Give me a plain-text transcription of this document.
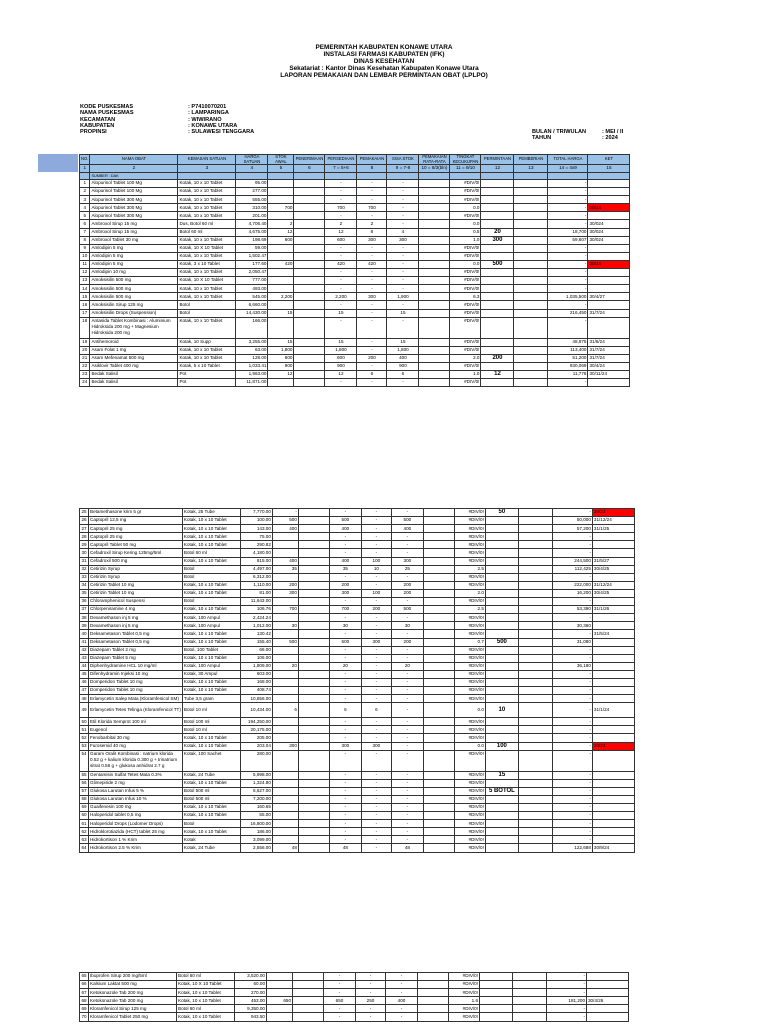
PEMERINTAH KABUPATEN KONAWE UTARA
INSTALASI FARMASI KABUPATEN (IFK)
DINAS KESEHATAN
Sekatariat : Kantor Dinas Kesehatan Kabupaten Konawe Utara
LAPORAN PEMAKAIAN DAN LEMBAR PERMINTAAN OBAT (LPLPO)
KODE PUSKESMAS	: P7410070201
NAMA PUSKESMAS	: LAMPARINGA
KECAMATAN	: WIWIRANO
KABUPATEN	: KONAWE UTARA
PROPINSI	: SULAWESI TENGGARA	BULAN / TRIWULAN	: MEI / II
TAHUN	: 2024
NO.	NAMA OBAT	KEMASAN SATUAN	HARGA SATUAN	STOK AWAL	PENERIMAAN	PERSEDIAAN	PEMAKAIAN	SISA STOK	PEMAKAIAN RATA-RATA	TINGKAT KECUKUPAN	PERMINTAAN	PEMBERIAN	TOTAL HARGA	KET
1	2	3	4	5	6	7 = 5+6	8	9 = 7-8	10 = 8/3(bln)	11 = 9/10	12	13	14 = 4x9	15
	SUMBER : DAK													
1	Alopurinol Tablet 100 Mg	Kotak, 10 x 10 Tablet	95.00			-	-	-		#DIV/0!			-	
2	Alopurinol Tablet 100 Mg	Kotak, 10 x 10 Tablet	277.00			-	-	-		#DIV/0!			-	
3	Alopurinol Tablet 300 Mg	Kotak, 10 x 10 Tablet	555.00			-	-	-		#DIV/0!			-	
4	Alopurinol Tablet 300 Mg	Kotak, 10 x 10 Tablet	310.00	700		700	700	-		0.0			-	30/24
5	Alopurinol Tablet 300 Mg	Kotak, 10 x 10 Tablet	201.00			-	-	-		#DIV/0!			-	
6	Ambroxol Sirup 15 mg	Dus, Botol 60 ml	4,706.40	2		2	2	-		0.0			-	30/024
7	Ambroxol Sirup 15 mg	Botol 60 ml	4,675.00	12		12	8	4		0.5	20		18,700	30/024
8	Ambroxol Tablet 30 mg	Kotak, 10 x 10 Tablet	198.69	600		600	300	300		1.0	300		59,607	30/024
9	Amlodipin 5 mg	Kotak, 10 X 10 Tablet	59.00			-	-	-		#DIV/0!			-	
10	Amlodipin 5 mg	Kotak, 10 x 10 Tablet	1,502.47			-	-	-		#DIV/0!			-	
11	Amlodipin 5 mg	Kotak, 3 x 10 Tablet	177.60	420		420	420	-		0.0	500		-	30/24
12	Amlodipin 10 mg	Kotak, 10 x 10 Tablet	2,050.47			-	-	-		#DIV/0!			-	
13	Amoksisilin 500 mg	Kotak, 10 X 10 Tablet	777.00			-	-	-		#DIV/0!			-	
14	Amoksisilin 500 mg	Kotak, 10 x 10 Tablet	493.00			-	-	-		#DIV/0!			-	
15	Amoksisilin 500 mg	Kotak, 10 x 10 Tablet	545.00	2,200		2,200	300	1,900		6.3			1,035,500	30/4/27
16	Amoksisilin Sirup 125 mg	Botol	6,660.00			-	-	-		#DIV/0!			-	
17	Amoksisilin Drops (Suspension)	Botol	14,430.00	15		15	-	15		#DIV/0!			216,450	31/7/24
18	Antasida Tablet Kombinasi : Aluminium Hidroksida 200 mg + Magnesium Hidroksida 200 mg	Kotak, 10 x 10 Tablet	166.00			-	-	-		#DIV/0!			-	
19	Antihemoroid	Kotak, 10 Supp	3,255.00	15		15	-	15		#DIV/0!			48,975	31/8/24
20	Asam Folat 1 mg	Kotak, 10 x 10 Tablet	63.00	1,800		1,800	-	1,800		#DIV/0!			113,400	31/7/24
21	Asam Mefenamat 500 mg	Kotak, 10 x 10 Tablet	128.00	600		600	200	400		2.0	200		51,200	31/7/24
22	Asiklovir Tablet 400 mg	Kotak, 5 x 10 Tablet	1,033.41	900		900	-	900		#DIV/0!			930,069	30/4/24
23	Bedak Salisil	Pot	1,963.00	12		12	6	6		1.0	12		11,778	30/11/24
24	Bedak Salisil	Pot	11,871.00			-	-	-		#DIV/0!			-	
25	Betamethasone krim 5 gr	Kotak, 25 Tube	7,770.00	-		-	-	-		#DIV/0!	50		-	30/24
26	Captopril 12,5 mg	Kotak, 10 x 10 Tablet	100.00	500		500	-	500		#DIV/0!			50,000	31/12/24
27	Captopril 25 mg	Kotak, 10 x 10 Tablet	143.00	400		400	-	400		#DIV/0!			57,200	31/1/25
28	Captopril 25 mg	Kotak, 10 x 10 Tablet	75.00			-	-	-		#DIV/0!			-	
29	Captopril Tablet 50 mg	Kotak, 10 x 10 Tablet	290.82			-	-	-		#DIV/0!			-	
30	Cefadroxil Sirup Kering 125mg/5ml	Botol 60 ml	4,180.00			-	-	-		#DIV/0!			-	
31	Cefadroxil 500 mg	Kotak, 10 x 10 Tablet	815.00	400		400	100	300		#DIV/0!			244,500	31/5/27
32	Cetirizin Syrup	Botol	4,497.00	35		35	10	25		2.5			112,425	30/4/25
33	Cetirizin Syrup	Botol	6,312.00			-	-	-		#DIV/0!			-	
34	Cetirizin Tablet 10 mg	Kotak, 10 x 10 Tablet	1,110.00	200		200	-	200		#DIV/0!			222,000	31/12/24
35	Cetirizin Tablet 10 mg	Kotak, 10 x 10 Tablet	81.00	300		300	100	200		2.0			16,200	30/4/25
36	Chloramphenicol Suspensi	Botol	11,643.00			-	-	-		#DIV/0!			-	
37	Chlorpeniramine 4 mg	Kotak, 10 x 10 Tablet	106.76	700		700	200	500		2.5			53,390	31/1/26
38	Dexamethason inj 5 mg	Kotak, 100 Ampul	2,424.24			-	-	-		#DIV/0!			-	
39	Dexamethason inj 5 mg	Kotak, 100 Ampul	1,012.00	30		30	-	30		#DIV/0!			30,360	
40	Deksametason Tablet 0,5 mg	Kotak, 10 x 10 Tablet	130.42			-	-	-		#DIV/0!			-	31/5/24
41	Deksametason Tablet 0,5 mg	Kotak, 10 x 10 Tablet	155.40	500		500	300	200		0.7	500		31,080	
42	Diazepam Tablet 2 mg	Botol, 100 Tablet	66.00			-	-	-		#DIV/0!			-	
43	Diazepam Tablet 5 mg	Kotak, 10 x 10 Tablet	106.00			-	-	-		#DIV/0!			-	
44	Diphenhydramine HCL 10 mg/ml	Kotak, 100 Ampul	1,809.00	20		20	-	20		#DIV/0!			36,180	
45	Difenhydramin Injeksi 10 mg	Kotak, 30 Ampul	603.00			-	-	-		#DIV/0!			-	
46	Domperidon Tablet 10 mg	Kotak, 10 x 10 Tablet	168.00			-	-	-		#DIV/0!			-	
47	Domperidon Tablet 10 mg	Kotak, 10 x 10 Tablet	408.74			-	-	-		#DIV/0!			-	
48	Erlamycetin Salep Mata (Kloramfenicol SM)	Tube 3,5 gram	10,656.00			-	-	-		#DIV/0!			-	
49	Erlamycetin Tetes Telinga (Kloramfenicol TT)	Botol 10 ml	10,434.00	6		6	6	-		0.0	10		-	31/1/24
50	Etil Klorida Semprot 100 ml	Botol 100 ml	194,250.00			-	-	-		#DIV/0!			-	
51	Eugenol	Botol 10 ml	20,175.00			-	-	-		#DIV/0!			-	
52	Fenobarbital 30 mg	Kotak, 10 x 10 Tablet	205.00			-	-	-		#DIV/0!			-	
53	Furosemid 40 mg	Kotak, 10 x 10 Tablet	203.04	300		300	300	-		0.0	100		-	30/24
54	Garam Oralit Kombinasi : natrium klorida 0.52 g + kalium klorida 0.300 g + trinatrium sitrat 0.58 g + glukosa anhidrat 2.7 g	Kotak, 100 Sachet	280.00			-	-	-		#DIV/0!			-	
55	Gentamisin Sulfat Tetes Mata 0.3%	Kotak, 24 Tube	5,998.00			-	-	-		#DIV/0!	15		-	
56	Glimepiride 2 mg	Kotak, 10 x 10 Tablet	1,324.80			-	-	-		#DIV/0!			-	
57	Glukosa Larutan Infus 5 %	Botol 500 ml	6,627.00			-	-	-		#DIV/0!	5 BOTOL		-	
58	Glukosa Larutan Infus 10 %	Botol 500 ml	7,200.00			-	-	-		#DIV/0!			-	
59	Guaifenesin 100 mg	Kotak, 10 x 10 Tablet	160.65			-	-	-		#DIV/0!			-	
60	Haloperidol tablet 0,5 mg	Kotak, 10 x 10 Tablet	55.00			-	-	-		#DIV/0!			-	
61	Haloperidol Drops (Lodomer Drops)	Botol	16,800.00			-	-	-		#DIV/0!			-	
62	Hidroklorotiazida (HCT) tablet 25 mg	Kotak, 10 x 10 Tablet	186.00			-	-	-		#DIV/0!			-	
63	Hidrokortison 1 % Krim	Kotak	3,099.00			-	-	-		#DIV/0!			-	
64	Hidrokortison 2.5 % Krim	Kotak, 24 Tube	2,556.00	48		48	-	48		#DIV/0!			122,688	30/9/24
65	Ibuprofen Sirup 200 mg/5ml	Botol 60 ml	3,520.00			-	-	-		#DIV/0!			-	
66	Kalsium Laktat 500 mg	Kotak, 10 X 10 Tablet	60.00			-	-	-		#DIV/0!			-	
67	Ketokonazole Tab 200 mg	Kotak, 10 x 10 Tablet	270.00			-	-	-		#DIV/0!			-	
68	Ketokonazole Tab 200 mg	Kotak, 10 x 10 Tablet	453.00	650		650	250	400		1.6			181,200	30/4/26
69	Kloramfenicol Sirup 125 mg	Botol 60 ml	9,350.00			-	-	-		#DIV/0!			-	
70	Kloramfenicol Tablet 250 mg	Kotak, 10 x 10 Tablet	943.50			-	-	-		#DIV/0!			-	
